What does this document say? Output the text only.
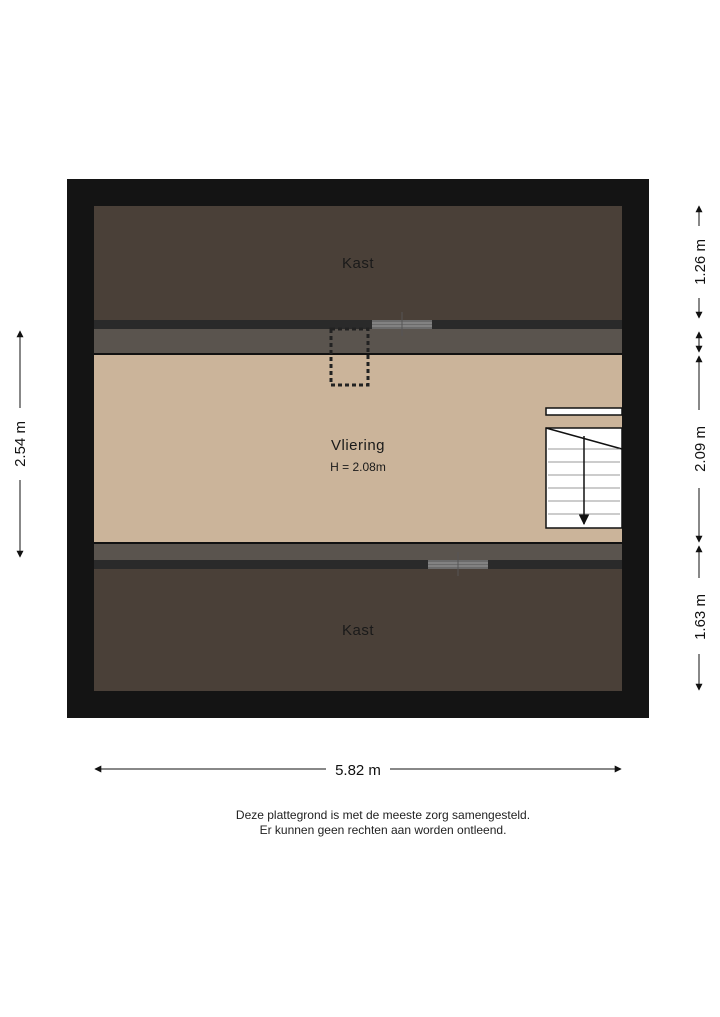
Kast
Vliering
H = 2.08m
Kast
5.82 m
2.54 m
1.26 m
2.09 m
1.63 m
Deze plattegrond is met de meeste zorg samengesteld.
Er kunnen geen rechten aan worden ontleend.
